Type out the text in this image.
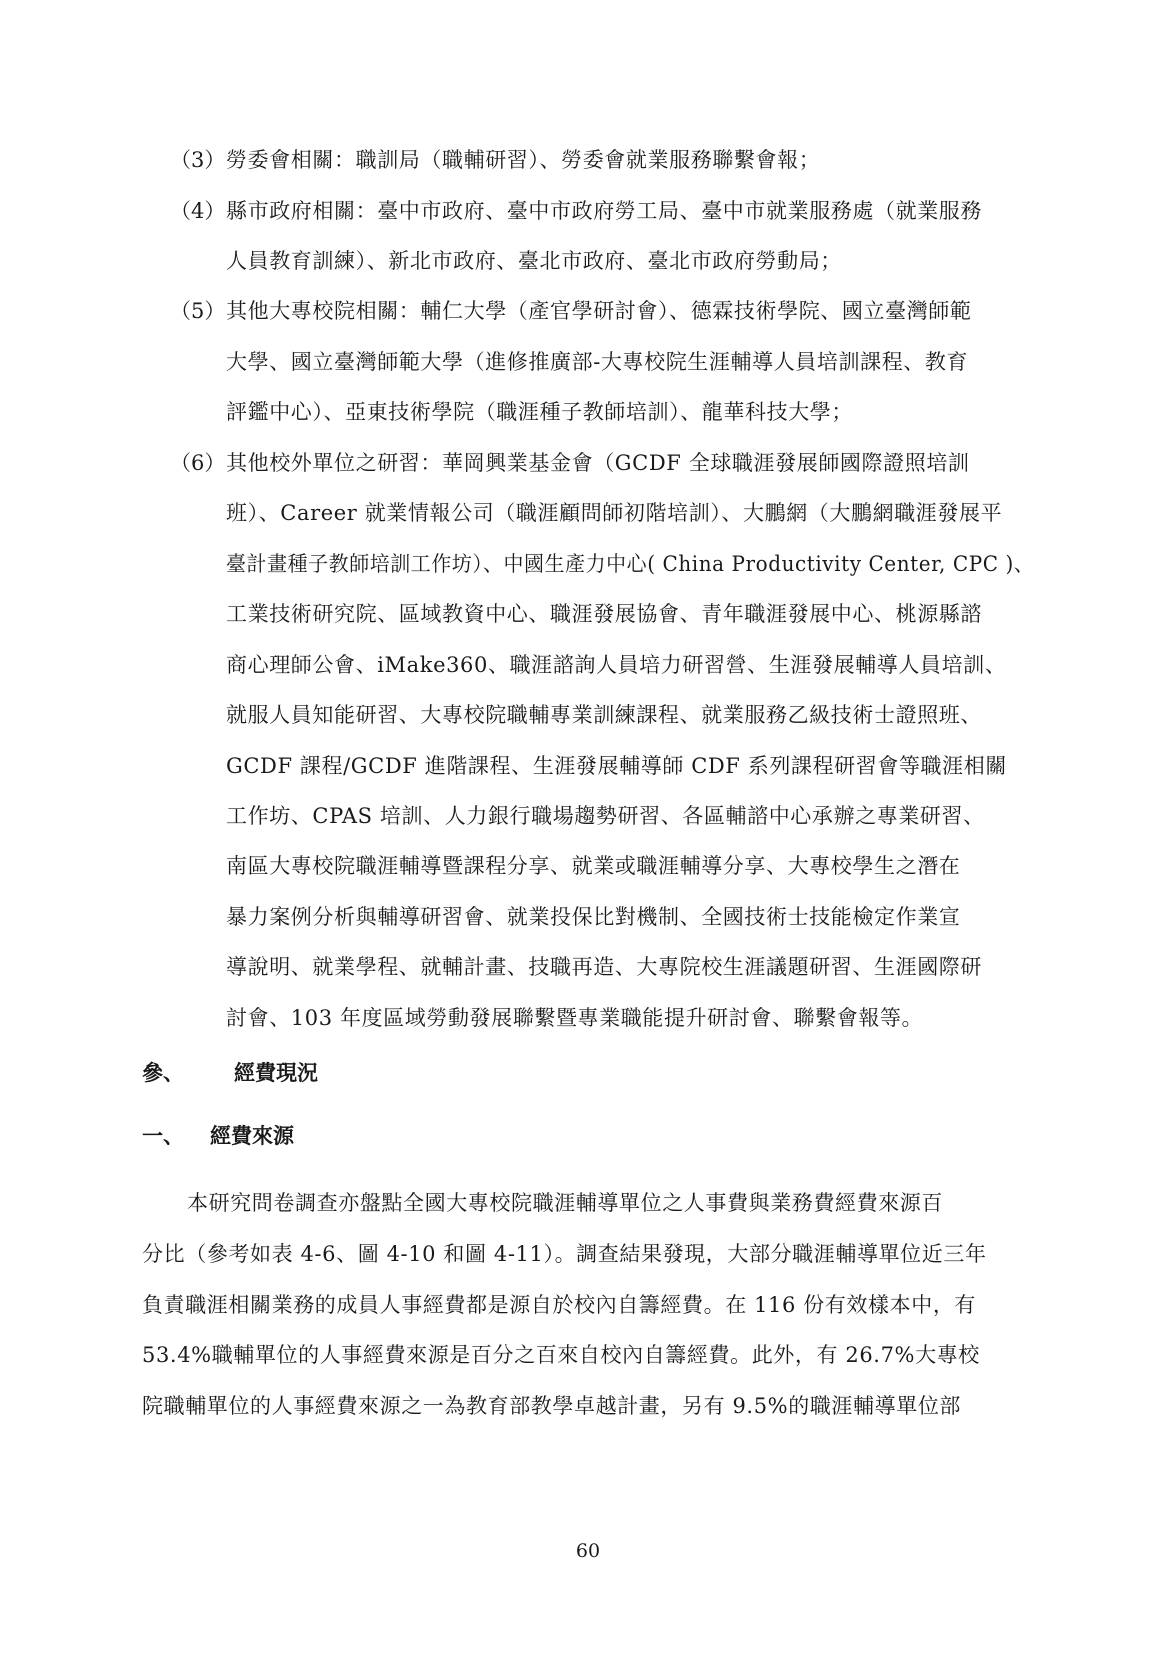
（3） 勞委會相關：職訓局（職輔研習）、勞委會就業服務聯繫會報；
（4） 縣市政府相關：臺中市政府、臺中市政府勞工局、臺中市就業服務處（就業服務
人員教育訓練）、新北市政府、臺北市政府、臺北市政府勞動局；
（5） 其他大專校院相關：輔仁大學（產官學研討會）、德霖技術學院、國立臺灣師範
大學、國立臺灣師範大學（進修推廣部-大專校院生涯輔導人員培訓課程、教育
評鑑中心）、亞東技術學院（職涯種子教師培訓）、龍華科技大學；
（6） 其他校外單位之研習：華岡興業基金會（GCDF 全球職涯發展師國際證照培訓
班）、Career 就業情報公司（職涯顧問師初階培訓）、大鵬網（大鵬網職涯發展平
臺計畫種子教師培訓工作坊）、中國生產力中心( China Productivity Center, CPC )、
工業技術研究院、區域教資中心、職涯發展協會、青年職涯發展中心、桃源縣諮
商心理師公會、iMake360、職涯諮詢人員培力研習營、生涯發展輔導人員培訓、
就服人員知能研習、大專校院職輔專業訓練課程、就業服務乙級技術士證照班、
GCDF 課程/GCDF 進階課程、生涯發展輔導師 CDF 系列課程研習會等職涯相關
工作坊、CPAS 培訓、人力銀行職場趨勢研習、各區輔諮中心承辦之專業研習、
南區大專校院職涯輔導暨課程分享、就業或職涯輔導分享、大專校學生之潛在
暴力案例分析與輔導研習會、就業投保比對機制、全國技術士技能檢定作業宣
導說明、就業學程、就輔計畫、技職再造、大專院校生涯議題研習、生涯國際研
討會、103 年度區域勞動發展聯繫暨專業職能提升研討會、聯繫會報等。
參、 經費現況
一、 經費來源
本研究問卷調查亦盤點全國大專校院職涯輔導單位之人事費與業務費經費來源百
分比（參考如表 4-6、圖 4-10 和圖 4-11）。調查結果發現，大部分職涯輔導單位近三年
負責職涯相關業務的成員人事經費都是源自於校內自籌經費。在 116 份有效樣本中，有
53.4%職輔單位的人事經費來源是百分之百來自校內自籌經費。此外，有 26.7%大專校
院職輔單位的人事經費來源之一為教育部教學卓越計畫，另有 9.5%的職涯輔導單位部
60
